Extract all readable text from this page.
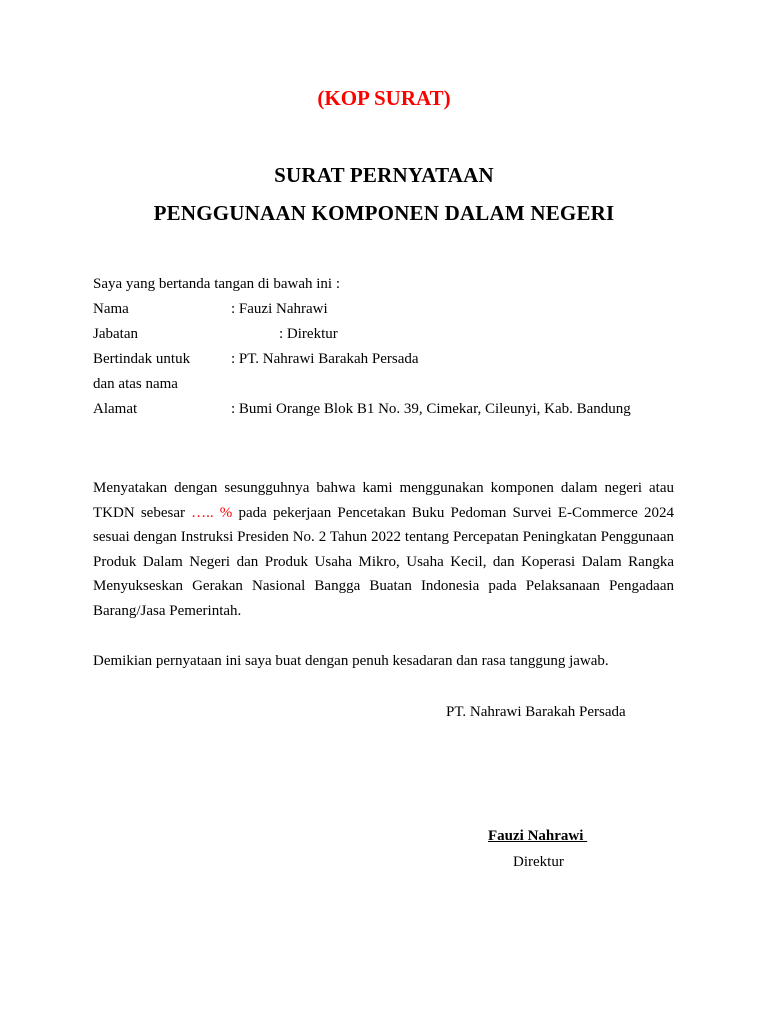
(KOP SURAT)
SURAT PERNYATAAN
PENGGUNAAN KOMPONEN DALAM NEGERI
Saya yang bertanda tangan di bawah ini :
Nama	: Fauzi Nahrawi
Jabatan	: Direktur
Bertindak untuk	: PT. Nahrawi Barakah Persada
dan atas nama
Alamat	: Bumi Orange Blok B1 No. 39, Cimekar, Cileunyi, Kab. Bandung
Menyatakan dengan sesungguhnya bahwa kami menggunakan komponen dalam negeri atau TKDN sebesar ….. % pada pekerjaan Pencetakan Buku Pedoman Survei E-Commerce 2024 sesuai dengan Instruksi Presiden No. 2 Tahun 2022 tentang Percepatan Peningkatan Penggunaan Produk Dalam Negeri dan Produk Usaha Mikro, Usaha Kecil, dan Koperasi Dalam Rangka Menyukseskan Gerakan Nasional Bangga Buatan Indonesia pada Pelaksanaan Pengadaan Barang/Jasa Pemerintah.
Demikian pernyataan ini saya buat dengan penuh kesadaran dan rasa tanggung jawab.
PT. Nahrawi Barakah Persada
Fauzi Nahrawi
Direktur
